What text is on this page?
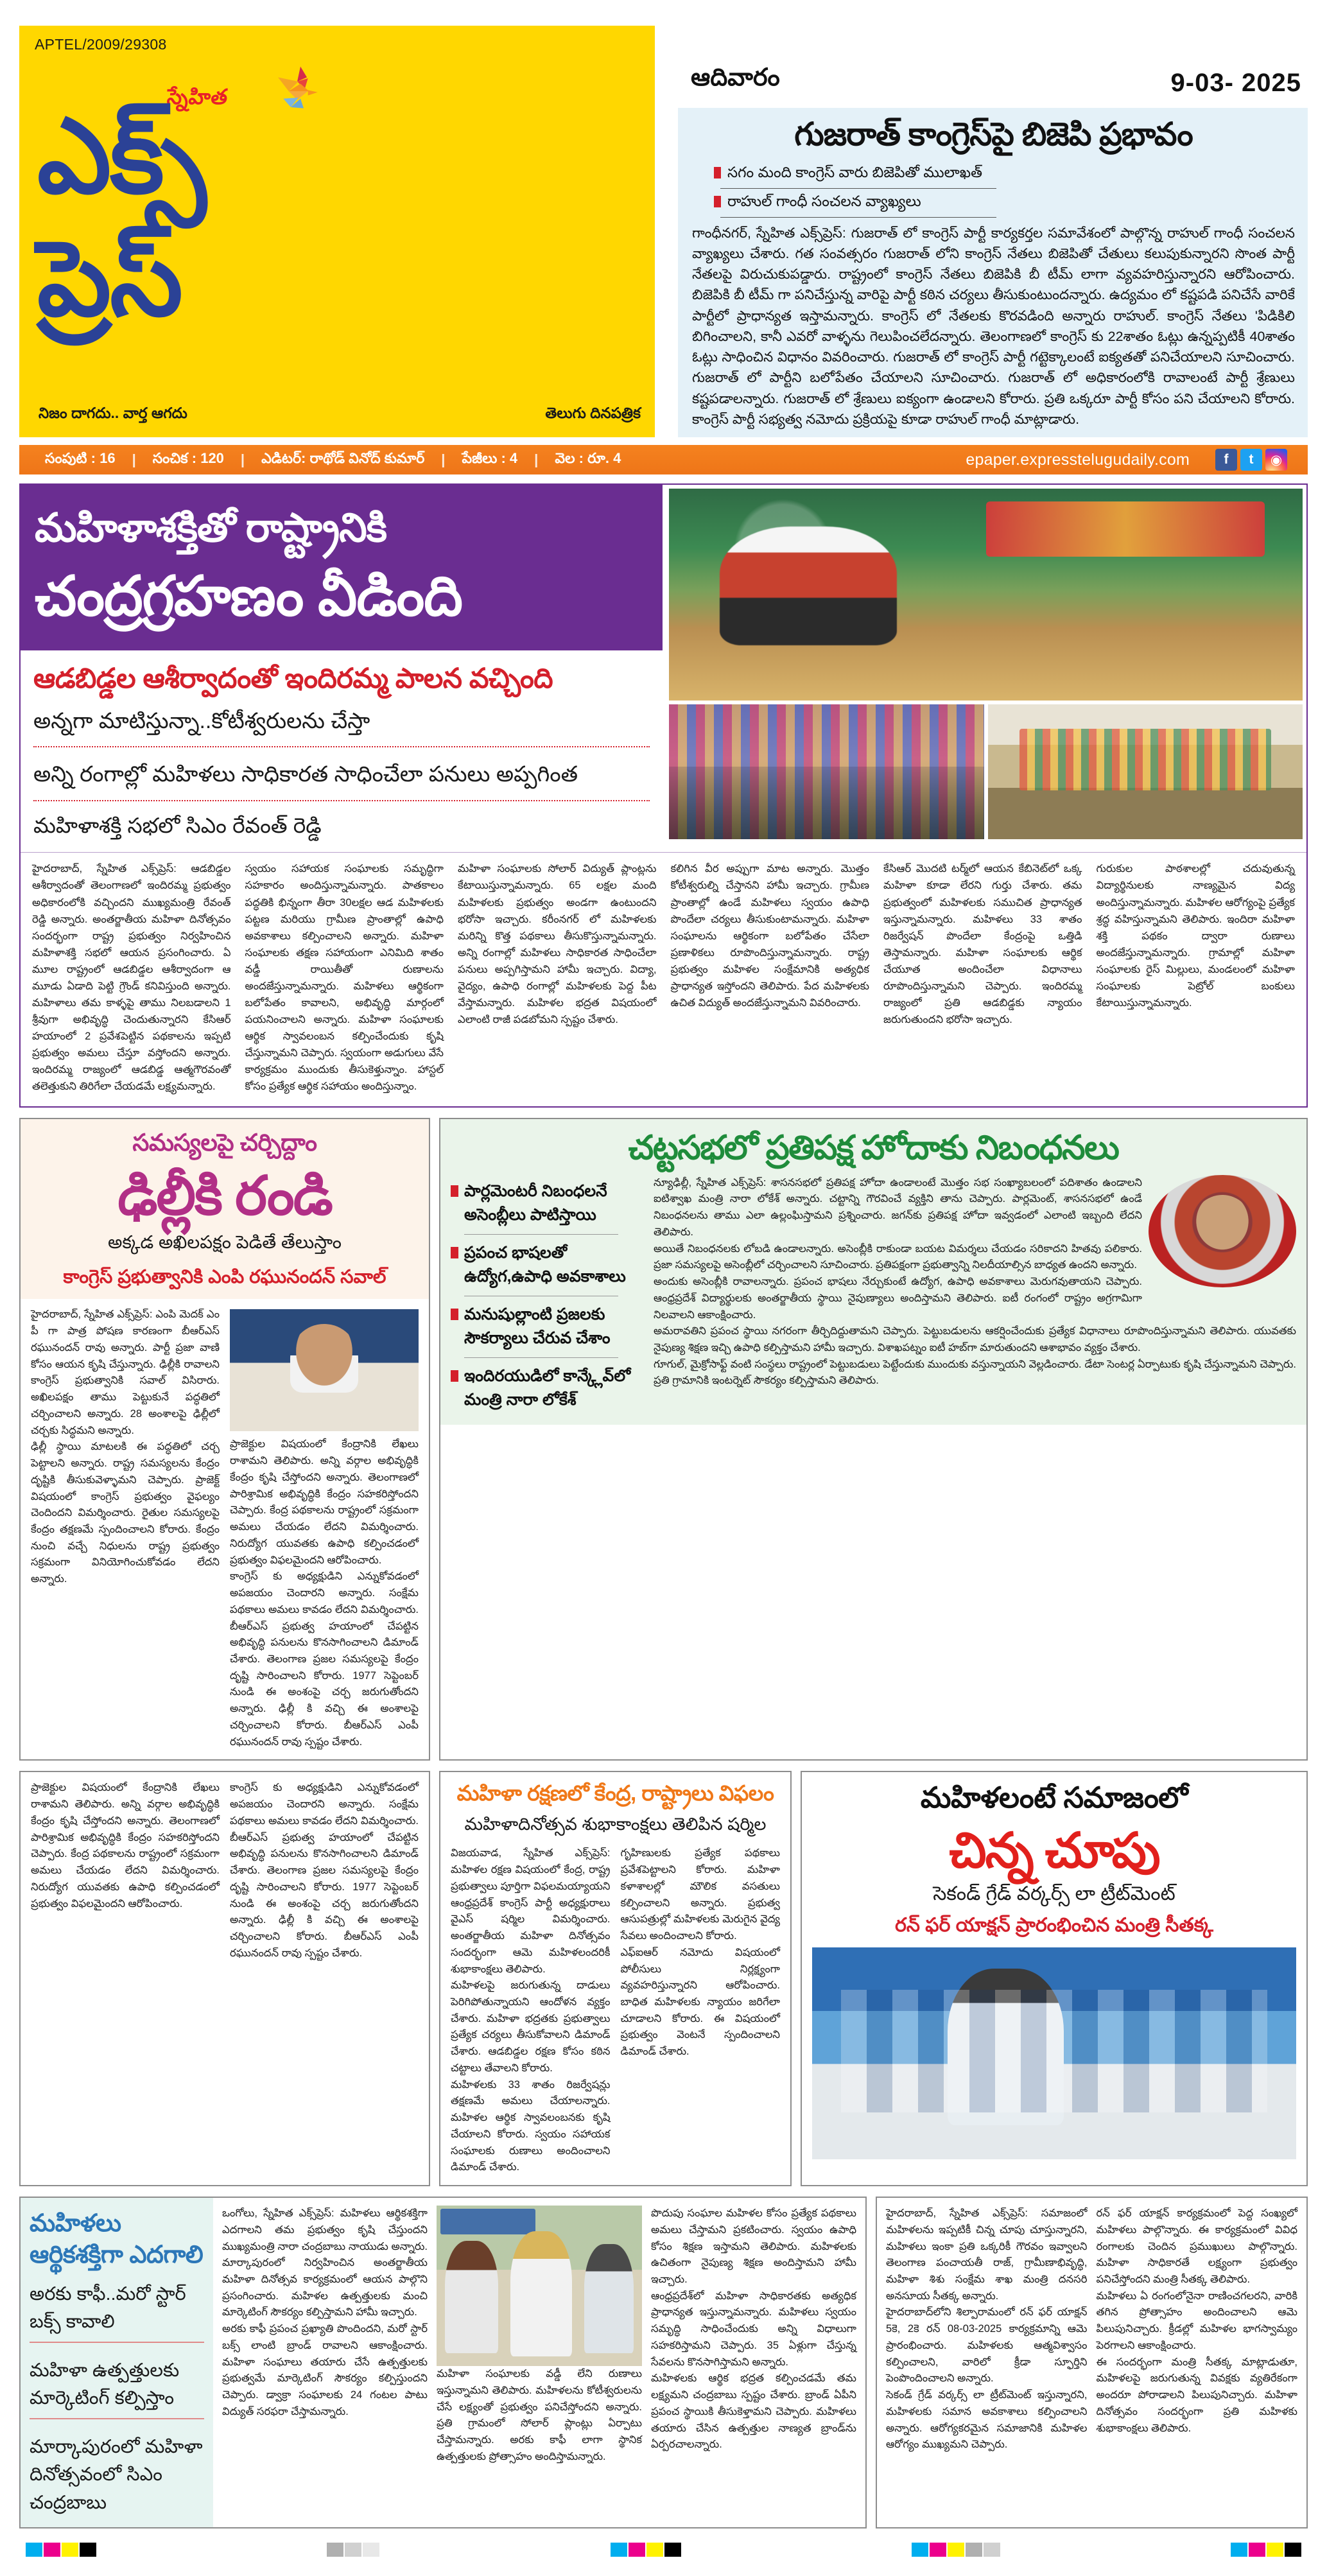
APTEL/2009/29308
స్నేహిత
ఎక్స్
ప్రెస్
నిజం దాగదు.. వార్త ఆగదు	తెలుగు దినపత్రిక
ఆదివారం	9-03- 2025
గుజరాత్ కాంగ్రెస్‌పై బిజెపి ప్రభావం
సగం మంది కాంగ్రెస్ వారు బిజెపితో ములాఖత్
రాహుల్ గాంధీ సంచలన వ్యాఖ్యలు
గాంధీనగర్, స్నేహిత ఎక్స్‌ప్రెస్: గుజరాత్ లో కాంగ్రెస్ పార్టీ కార్యకర్తల సమావేశంలో పాల్గొన్న రాహుల్ గాంధీ సంచలన వ్యాఖ్యలు చేశారు. గత సంవత్సరం గుజరాత్ లోని కాంగ్రెస్ నేతలు బిజెపితో చేతులు కలుపుకున్నారని సొంత పార్టీ నేతలపై విరుచుకుపడ్డారు. రాష్ట్రంలో కాంగ్రెస్ నేతలు బిజెపికి బీ టీమ్ లాగా వ్యవహరిస్తున్నారని ఆరోపించారు. బిజెపికి బీ టీమ్ గా పనిచేస్తున్న వారిపై పార్టీ కఠిన చర్యలు తీసుకుంటుందన్నారు. ఉద్యమం లో కష్టపడి పనిచేసే వారికే పార్టీలో ప్రాధాన్యత ఇస్తామన్నారు. కాంగ్రెస్ లో నేతలకు కొరవడింది అన్నారు రాహుల్. కాంగ్రెస్ నేతలు 'పిడికిలి బిగించాలని, కానీ ఎవరో వాళ్ళను గెలుపించలేదన్నారు. తెలంగాణలో కాంగ్రెస్ కు 22శాతం ఓట్లు ఉన్నప్పటికీ 40శాతం ఓట్లు సాధించిన విధానం వివరించారు. గుజరాత్ లో కాంగ్రెస్ పార్టీ గట్టెక్కాలంటే ఐక్యతతో పనిచేయాలని సూచించారు. గుజరాత్ లో పార్టీని బలోపేతం చేయాలని సూచించారు. గుజరాత్ లో అధికారంలోకి రావాలంటే పార్టీ శ్రేణులు కష్టపడాలన్నారు. గుజరాత్ లో శ్రేణులు ఐక్యంగా ఉండాలని కోరారు. ప్రతి ఒక్కరూ పార్టీ కోసం పని చేయాలని కోరారు. కాంగ్రెస్ పార్టీ సభ్యత్వ నమోదు ప్రక్రియపై కూడా రాహుల్ గాంధీ మాట్లాడారు.
సంపుటి : 16	|	సంచిక : 120	|	ఎడిటర్: రాథోడ్ వినోద్ కుమార్	|	పేజీలు : 4	|	వెల : రూ. 4	epaper.expresstelugudaily.com	f	t	◉
మహిళాశక్తితో రాష్ట్రానికి
చంద్రగ్రహణం వీడింది
ఆడబిడ్డల ఆశీర్వాదంతో ఇందిరమ్మ పాలన వచ్చింది
అన్నగా మాటిస్తున్నా..కోటీశ్వరులను చేస్తా
అన్ని రంగాల్లో మహిళలు సాధికారత సాధించేలా పనులు అప్పగింత
మహిళాశక్తి సభలో సిఎం రేవంత్ రెడ్డి

హైదరాబాద్, స్నేహిత ఎక్స్‌ప్రెస్: ఆడబిడ్డల ఆశీర్వాదంతో తెలంగాణలో ఇందిరమ్మ ప్రభుత్వం అధికారంలోకి వచ్చిందని ముఖ్యమంత్రి రేవంత్ రెడ్డి అన్నారు. అంతర్జాతీయ మహిళా దినోత్సవం సందర్భంగా రాష్ట్ర ప్రభుత్వం నిర్వహించిన మహిళాశక్తి సభలో ఆయన ప్రసంగించారు. ఏ మూల రాష్ట్రంలో ఆడబిడ్డల ఆశీర్వాదంగా ఆ మూడు ఏడాది పెట్టి గ్రౌండ్ కనివిస్తుంది అన్నారు. మహిళాలు తమ కాళ్ళపై తాము నిలబడాలని 1 శ్రీవుగా అభివృద్ధి చెందుతున్నారని కేసిఆర్ హయాంలో 2 ప్రవేశపెట్టిన పథకాలను ఇప్పటి ప్రభుత్వం అమలు చేస్తూ వస్తోందని అన్నారు. ఇందిరమ్మ రాజ్యంలో ఆడబిడ్డ ఆత్మగౌరవంతో తలెత్తుకుని తిరిగేలా చేయడమే లక్ష్యమన్నారు.

స్వయం సహాయక సంఘాలకు సమృద్ధిగా సహకారం అందిస్తున్నామన్నారు. పాతకాలం పద్ధతికి భిన్నంగా తీరా 30లక్షల ఆడ మహిళలకు పట్టణ మరియు గ్రామీణ ప్రాంతాల్లో ఉపాధి అవకాశాలు కల్పించాలని అన్నారు. మహిళా సంఘాలకు తక్షణ సహాయంగా ఎనిమిది శాతం వడ్డీ రాయితీతో రుణాలను అందజేస్తున్నామన్నారు. మహిళలు ఆర్థికంగా బలోపేతం కావాలని, అభివృద్ధి మార్గంలో పయనించాలని అన్నారు. మహిళా సంఘాలకు ఆర్థిక స్వావలంబన కల్పించేందుకు కృషి చేస్తున్నామని చెప్పారు. స్వయంగా అడుగులు వేసే కార్యక్రమం ముందుకు తీసుకెళ్తున్నాం. హాస్టల్ కోసం ప్రత్యేక ఆర్థిక సహాయం అందిస్తున్నాం.

మహిళా సంఘాలకు సోలార్ విద్యుత్ ప్లాంట్లను కేటాయిస్తున్నామన్నారు. 65 లక్షల మంది మహిళలకు ప్రభుత్వం అండగా ఉంటుందని భరోసా ఇచ్చారు. కరీంనగర్ లో మహిళలకు మరిన్ని కొత్త పథకాలు తీసుకొస్తున్నామన్నారు. అన్ని రంగాల్లో మహిళలు సాధికారత సాధించేలా పనులు అప్పగిస్తామని హామీ ఇచ్చారు. విద్యా, వైద్యం, ఉపాధి రంగాల్లో మహిళలకు పెద్ద పీట వేస్తామన్నారు. మహిళల భద్రత విషయంలో ఎలాంటి రాజీ పడబోమని స్పష్టం చేశారు.

కలిగిన వీర అప్పుగా మాట అన్నారు. మెుత్తం కోటీశ్వరుల్ని చేస్తానని హామీ ఇచ్చారు. గ్రామీణ ప్రాంతాల్లో ఉండే మహిళలు స్వయం ఉపాధి పొందేలా చర్యలు తీసుకుంటామన్నారు. మహిళా సంఘాలను ఆర్థికంగా బలోపేతం చేసేలా ప్రణాళికలు రూపొందిస్తున్నామన్నారు. రాష్ట్ర ప్రభుత్వం మహిళల సంక్షేమానికి అత్యధిక ప్రాధాన్యత ఇస్తోందని తెలిపారు. పేద మహిళలకు ఉచిత విద్యుత్ అందజేస్తున్నామని వివరించారు.

కేసిఆర్ మెుదటి టర్మ్‌లో ఆయన కేబినెట్‌లో ఒక్క మహిళా కూడా లేరని గుర్తు చేశారు. తమ ప్రభుత్వంలో మహిళలకు సముచిత ప్రాధాన్యత ఇస్తున్నామన్నారు. మహిళలు 33 శాతం రిజర్వేషన్ పొందేలా కేంద్రంపై ఒత్తిడి తెస్తామన్నారు. మహిళా సంఘాలకు ఆర్థిక చేయూత అందించేలా విధానాలు రూపొందిస్తున్నామని చెప్పారు. ఇందిరమ్మ రాజ్యంలో ప్రతి ఆడబిడ్డకు న్యాయం జరుగుతుందని భరోసా ఇచ్చారు.

గురుకుల పాఠశాలల్లో చదువుతున్న విద్యార్థినులకు నాణ్యమైన విద్య అందిస్తున్నామన్నారు. మహిళల ఆరోగ్యంపై ప్రత్యేక శ్రద్ధ వహిస్తున్నామని తెలిపారు. ఇందిరా మహిళా శక్తి పథకం ద్వారా రుణాలు అందజేస్తున్నామన్నారు. గ్రామాల్లో మహిళా సంఘాలకు రైస్ మిల్లులు, మండలంలో మహిళా సంఘాలకు పెట్రోల్ బంకులు కేటాయిస్తున్నామన్నారు.

సమస్యలపై చర్చిద్దాం
ఢిల్లీకి రండి
అక్కడ అఖిలపక్షం పెడితే తేలుస్తాం
కాంగ్రెస్ ప్రభుత్వానికి ఎంపి రఘునందన్ సవాల్

హైదరాబాద్, స్నేహిత ఎక్స్‌ప్రెస్: ఎంపి మెదక్ ఎం పీ గా పాత్ర పోషణ కారణంగా బీఆర్ఎస్ రఘునందన్ రావు అన్నారు. పార్టీ ప్రజా వాణి కోసం ఆయన కృషి చేస్తున్నారు. ఢిల్లీకి రావాలని కాంగ్రెస్ ప్రభుత్వానికి సవాల్ విసిరారు. అఖిలపక్షం తాము పెట్టుకునే పద్ధతిలో చర్చించాలని అన్నారు. 28 అంశాలపై ఢిల్లీలో చర్చకు సిద్ధమని అన్నారు.

ఢిల్లీ స్థాయి మాటలకి ఈ పద్ధతిలో చర్చ పెట్టాలని అన్నారు. రాష్ట్ర సమస్యలను కేంద్రం దృష్టికి తీసుకువెళ్ళామని చెప్పారు. ప్రాజెక్ట్ విషయంలో కాంగ్రెస్ ప్రభుత్వం వైఫల్యం చెందిందని విమర్శించారు. రైతుల సమస్యలపై కేంద్రం తక్షణమే స్పందించాలని కోరారు. కేంద్రం నుంచి వచ్చే నిధులను రాష్ట్ర ప్రభుత్వం సక్రమంగా వినియోగించుకోవడం లేదని అన్నారు.

ప్రాజెక్టుల విషయంలో కేంద్రానికి లేఖలు రాశామని తెలిపారు. అన్ని వర్గాల అభివృద్ధికి కేంద్రం కృషి చేస్తోందని అన్నారు. తెలంగాణలో పారిశ్రామిక అభివృద్ధికి కేంద్రం సహకరిస్తోందని చెప్పారు. కేంద్ర పథకాలను రాష్ట్రంలో సక్రమంగా అమలు చేయడం లేదని విమర్శించారు. నిరుద్యోగ యువతకు ఉపాధి కల్పించడంలో ప్రభుత్వం విఫలమైందని ఆరోపించారు.

కాంగ్రెస్ కు అధ్యక్షుడిని ఎన్నుకోవడంలో అపజయం చెందారని అన్నారు. సంక్షేమ పథకాలు అమలు కావడం లేదని విమర్శించారు. బీఆర్ఎస్ ప్రభుత్వ హయాంలో చేపట్టిన అభివృద్ధి పనులను కొనసాగించాలని డిమాండ్ చేశారు. తెలంగాణ ప్రజల సమస్యలపై కేంద్రం దృష్టి సారించాలని కోరారు. 1977 సెప్టెంబర్ నుండి ఈ అంశంపై చర్చ జరుగుతోందని అన్నారు. ఢిల్లీ కి వచ్చి ఈ అంశాలపై చర్చించాలని కోరారు. బీఆర్ఎస్ ఎంపీ రఘునందన్ రావు స్పష్టం చేశారు.

చట్టసభలో ప్రతిపక్ష హోదాకు నిబంధనలు
పార్లమెంటరీ నిబంధలనే అసెంబ్లీలు పాటిస్తాయి
ప్రపంచ భాషలతో ఉద్యోగ,ఉపాధి అవకాశాలు
మనుషుల్లాంటి ప్రజలకు సౌకర్యాలు చేరువ చేశాం
ఇందిరయుడిలో కాన్క్లేవ్‌లో మంత్రి నారా లోకేశ్

న్యూఢిల్లీ, స్నేహిత ఎక్స్‌ప్రెస్: శాసనసభలో ప్రతిపక్ష హోదా ఉండాలంటే మెుత్తం సభ సంఖ్యాబలంలో పదిశాతం ఉండాలని ఐటిశ్వాఖ మంత్రి నారా లోకేశ్ అన్నారు. చట్టాన్ని గౌరవించే వ్యక్తిని తాను చెప్పారు. పార్లమెంట్, శాసనసభలో ఉండే నిబంధనలను తాము ఎలా ఉల్లంఘిస్తామని ప్రశ్నించారు. జగన్‌కు ప్రతిపక్ష హోదా ఇవ్వడంలో ఎలాంటి ఇబ్బంది లేదని తెలిపారు.

అయితే నిబంధనలకు లోబడి ఉండాలన్నారు. అసెంబ్లీకి రాకుండా బయట విమర్శలు చేయడం సరికాదని హితవు పలికారు. ప్రజా సమస్యలపై అసెంబ్లీలో చర్చించాలని సూచించారు. ప్రతిపక్షంగా ప్రభుత్వాన్ని నిలదీయాల్సిన బాధ్యత ఉందని అన్నారు.

అందుకు అసెంబ్లీకి రావాలన్నారు. ప్రపంచ భాషలు నేర్చుకుంటే ఉద్యోగ, ఉపాధి అవకాశాలు మెరుగవుతాయని చెప్పారు. ఆంధ్రప్రదేశ్ విద్యార్థులకు అంతర్జాతీయ స్థాయి నైపుణ్యాలు అందిస్తామని తెలిపారు. ఐటీ రంగంలో రాష్ట్రం అగ్రగామిగా నిలవాలని ఆకాంక్షించారు.

అమరావతిని ప్రపంచ స్థాయి నగరంగా తీర్చిదిద్దుతామని చెప్పారు. పెట్టుబడులను ఆకర్షించేందుకు ప్రత్యేక విధానాలు రూపొందిస్తున్నామని తెలిపారు. యువతకు నైపుణ్య శిక్షణ ఇచ్చి ఉపాధి కల్పిస్తామని హామీ ఇచ్చారు. విశాఖపట్నం ఐటీ హబ్‌గా మారుతుందని ఆశాభావం వ్యక్తం చేశారు.

గూగుల్, మైక్రోసాఫ్ట్ వంటి సంస్థలు రాష్ట్రంలో పెట్టుబడులు పెట్టేందుకు ముందుకు వస్తున్నాయని వెల్లడించారు. డేటా సెంటర్ల ఏర్పాటుకు కృషి చేస్తున్నామని చెప్పారు. ప్రతి గ్రామానికి ఇంటర్నెట్ సౌకర్యం కల్పిస్తామని తెలిపారు.

ప్రాజెక్టుల విషయంలో కేంద్రానికి లేఖలు రాశామని తెలిపారు. అన్ని వర్గాల అభివృద్ధికి కేంద్రం కృషి చేస్తోందని అన్నారు. తెలంగాణలో పారిశ్రామిక అభివృద్ధికి కేంద్రం సహకరిస్తోందని చెప్పారు. కేంద్ర పథకాలను రాష్ట్రంలో సక్రమంగా అమలు చేయడం లేదని విమర్శించారు. నిరుద్యోగ యువతకు ఉపాధి కల్పించడంలో ప్రభుత్వం విఫలమైందని ఆరోపించారు.

కాంగ్రెస్ కు అధ్యక్షుడిని ఎన్నుకోవడంలో అపజయం చెందారని అన్నారు. సంక్షేమ పథకాలు అమలు కావడం లేదని విమర్శించారు. బీఆర్ఎస్ ప్రభుత్వ హయాంలో చేపట్టిన అభివృద్ధి పనులను కొనసాగించాలని డిమాండ్ చేశారు. తెలంగాణ ప్రజల సమస్యలపై కేంద్రం దృష్టి సారించాలని కోరారు. 1977 సెప్టెంబర్ నుండి ఈ అంశంపై చర్చ జరుగుతోందని అన్నారు. ఢిల్లీ కి వచ్చి ఈ అంశాలపై చర్చించాలని కోరారు. బీఆర్ఎస్ ఎంపీ రఘునందన్ రావు స్పష్టం చేశారు.

మహిళా రక్షణలో కేంద్ర, రాష్ట్రాలు విఫలం
మహిళాదినోత్సవ శుభాకాంక్షలు తెలిపిన షర్మిల

విజయవాడ, స్నేహిత ఎక్స్‌ప్రెస్: మహిళల రక్షణ విషయంలో కేంద్ర, రాష్ట్ర ప్రభుత్వాలు పూర్తిగా విఫలమయ్యాయని ఆంధ్రప్రదేశ్ కాంగ్రెస్ పార్టీ అధ్యక్షురాలు వైఎస్ షర్మిల విమర్శించారు. అంతర్జాతీయ మహిళా దినోత్సవం సందర్భంగా ఆమె మహిళలందరికీ శుభాకాంక్షలు తెలిపారు.

మహిళలపై జరుగుతున్న దాడులు పెరిగిపోతున్నాయని ఆందోళన వ్యక్తం చేశారు. మహిళా భద్రతకు ప్రభుత్వాలు ప్రత్యేక చర్యలు తీసుకోవాలని డిమాండ్ చేశారు. ఆడబిడ్డల రక్షణ కోసం కఠిన చట్టాలు తేవాలని కోరారు.

మహిళలకు 33 శాతం రిజర్వేషన్లు తక్షణమే అమలు చేయాలన్నారు. మహిళల ఆర్థిక స్వావలంబనకు కృషి చేయాలని కోరారు. స్వయం సహాయక సంఘాలకు రుణాలు అందించాలని డిమాండ్ చేశారు.

గృహిణులకు ప్రత్యేక పథకాలు ప్రవేశపెట్టాలని కోరారు. మహిళా కళాశాలల్లో మౌలిక వసతులు కల్పించాలని అన్నారు. ప్రభుత్వ ఆసుపత్రుల్లో మహిళలకు మెరుగైన వైద్య సేవలు అందించాలని కోరారు.

ఎఫ్ఐఆర్ నమోదు విషయంలో పోలీసులు నిర్లక్ష్యంగా వ్యవహరిస్తున్నారని ఆరోపించారు. బాధిత మహిళలకు న్యాయం జరిగేలా చూడాలని కోరారు. ఈ విషయంలో ప్రభుత్వం వెంటనే స్పందించాలని డిమాండ్ చేశారు.

మహిళలంటే సమాజంలో
చిన్న చూపు
సెకండ్ గ్రేడ్ వర్కర్స్ లా ట్రీట్‌మెంట్
రన్ ఫర్ యాక్షన్ ప్రారంభించిన మంత్రి సీతక్క
మహిళలు ఆర్థికశక్తిగా ఎదగాలి
అరకు కాఫీ..మరో స్టార్ బక్స్ కావాలి
మహిళా ఉత్పత్తులకు మార్కెటింగ్ కల్పిస్తాం
మార్కాపురంలో మహిళా దినోత్సవంలో సిఎం చంద్రబాబు

ఒంగోలు, స్నేహిత ఎక్స్‌ప్రెస్: మహిళలు ఆర్థికశక్తిగా ఎదగాలని తమ ప్రభుత్వం కృషి చేస్తుందని ముఖ్యమంత్రి నారా చంద్రబాబు నాయుడు అన్నారు. మార్కాపురంలో నిర్వహించిన అంతర్జాతీయ మహిళా దినోత్సవ కార్యక్రమంలో ఆయన పాల్గొని ప్రసంగించారు. మహిళల ఉత్పత్తులకు మంచి మార్కెటింగ్ సౌకర్యం కల్పిస్తామని హామీ ఇచ్చారు.

అరకు కాఫీ ప్రపంచ ప్రఖ్యాతి పొందిందని, మరో స్టార్ బక్స్ లాంటి బ్రాండ్ రావాలని ఆకాంక్షించారు. మహిళా సంఘాలు తయారు చేసే ఉత్పత్తులకు ప్రభుత్వమే మార్కెటింగ్ సౌకర్యం కల్పిస్తుందని చెప్పారు. డ్వాక్రా సంఘాలకు 24 గంటల పాటు విద్యుత్ సరఫరా చేస్తామన్నారు.

మహిళా సంఘాలకు వడ్డీ లేని రుణాలు ఇస్తున్నామని తెలిపారు. మహిళలను కోటీశ్వరులను చేసే లక్ష్యంతో ప్రభుత్వం పనిచేస్తోందని అన్నారు. ప్రతి గ్రామంలో సోలార్ ప్లాంట్లు ఏర్పాటు చేస్తామన్నారు. అరకు కాఫీ లాగా స్థానిక ఉత్పత్తులకు ప్రోత్సాహం అందిస్తామన్నారు.

పొదుపు సంఘాల మహిళల కోసం ప్రత్యేక పథకాలు అమలు చేస్తామని ప్రకటించారు. స్వయం ఉపాధి కోసం శిక్షణ ఇస్తామని తెలిపారు. మహిళలకు ఉచితంగా నైపుణ్య శిక్షణ అందిస్తామని హామీ ఇచ్చారు.

ఆంధ్రప్రదేశ్‌లో మహిళా సాధికారతకు అత్యధిక ప్రాధాన్యత ఇస్తున్నామన్నారు. మహిళలు స్వయం సమృద్ధి సాధించేందుకు అన్ని విధాలుగా సహకరిస్తామని చెప్పారు. 35 ఏళ్లుగా చేస్తున్న సేవలను కొనసాగిస్తామని అన్నారు.

మహిళలకు ఆర్థిక భద్రత కల్పించడమే తమ లక్ష్యమని చంద్రబాబు స్పష్టం చేశారు. బ్రాండ్ ఏపీని ప్రపంచ స్థాయికి తీసుకెళ్తామని చెప్పారు. మహిళలు తయారు చేసిన ఉత్పత్తుల నాణ్యత బ్రాండ్‌ను ఏర్పరచాలన్నారు.

హైదరాబాద్, స్నేహిత ఎక్స్‌ప్రెస్: సమాజంలో మహిళలను ఇప్పటికీ చిన్న చూపు చూస్తున్నారని, మహిళలు ఇంకా ప్రతి ఒక్కరికీ గౌరవం ఇవ్వాలని తెలంగాణ పంచాయతీ రాజ్, గ్రామీణాభివృద్ధి, మహిళా శిశు సంక్షేమ శాఖ మంత్రి దనసరి అనసూయ సీతక్క అన్నారు.

హైదరాబాద్‌లోని శిల్పారామంలో రన్ ఫర్ యాక్షన్ 5కె, 2కె రన్ 08-03-2025 కార్యక్రమాన్ని ఆమె ప్రారంభించారు. మహిళలకు ఆత్మవిశ్వాసం కల్పించాలని, వారిలో క్రీడా స్ఫూర్తిని పెంపొందించాలని అన్నారు.

సెకండ్ గ్రేడ్ వర్కర్స్ లా ట్రీట్‌మెంట్ ఇస్తున్నారని, మహిళలకు సమాన అవకాశాలు కల్పించాలని అన్నారు. ఆరోగ్యకరమైన సమాజానికి మహిళల ఆరోగ్యం ముఖ్యమని చెప్పారు.

రన్ ఫర్ యాక్షన్ కార్యక్రమంలో పెద్ద సంఖ్యలో మహిళలు పాల్గొన్నారు. ఈ కార్యక్రమంలో వివిధ రంగాలకు చెందిన ప్రముఖులు పాల్గొన్నారు. మహిళా సాధికారతే లక్ష్యంగా ప్రభుత్వం పనిచేస్తోందని మంత్రి సీతక్క తెలిపారు.

మహిళలు ఏ రంగంలోనైనా రాణించగలరని, వారికి తగిన ప్రోత్సాహం అందించాలని ఆమె పిలుపునిచ్చారు. క్రీడల్లో మహిళల భాగస్వామ్యం పెరగాలని ఆకాంక్షించారు.

ఈ సందర్భంగా మంత్రి సీతక్క మాట్లాడుతూ, మహిళలపై జరుగుతున్న వివక్షకు వ్యతిరేకంగా అందరూ పోరాడాలని పిలుపునిచ్చారు. మహిళా దినోత్సవం సందర్భంగా ప్రతి మహిళకు శుభాకాంక్షలు తెలిపారు.
